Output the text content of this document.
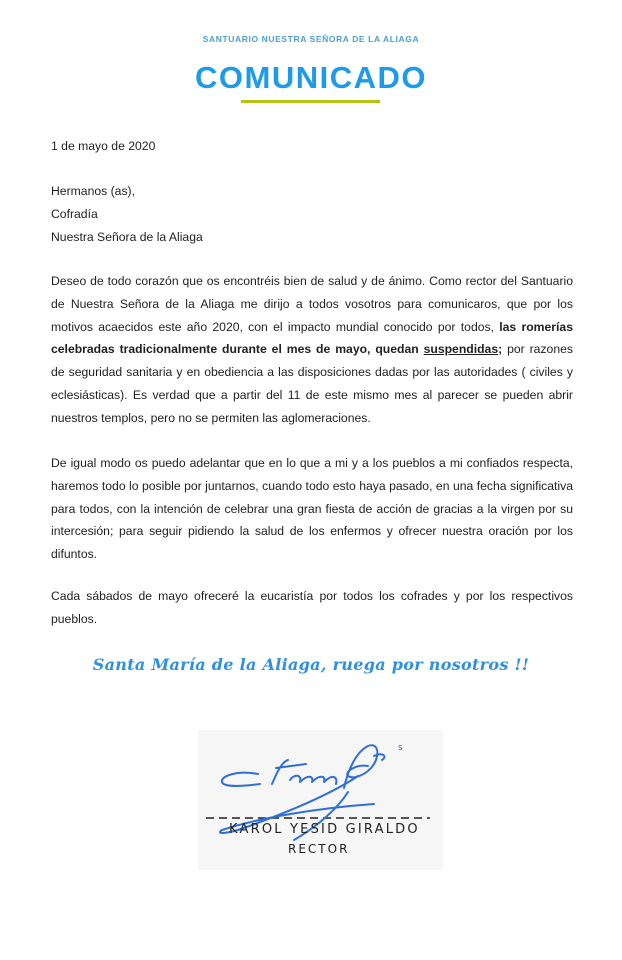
SANTUARIO NUESTRA SEÑORA DE LA ALIAGA
COMUNICADO
1 de mayo de 2020
Hermanos (as),
Cofradía
Nuestra Señora de la Aliaga
Deseo de todo corazón que os encontréis bien de salud y de ánimo. Como rector del Santuario de Nuestra Señora de la Aliaga me dirijo a todos vosotros para comunicaros, que por los motivos acaecidos este año 2020, con el impacto mundial conocido por todos, las romerías celebradas tradicionalmente durante el mes de mayo, quedan suspendidas; por razones de seguridad sanitaria y en obediencia a las disposiciones dadas por las autoridades ( civiles y eclesiásticas). Es verdad que a partir del 11 de este mismo mes al parecer se pueden abrir nuestros templos, pero no se permiten las aglomeraciones.
De igual modo os puedo adelantar que en lo que a mi y a los pueblos a mi confiados respecta, haremos todo lo posible por juntarnos, cuando todo esto haya pasado, en una fecha significativa para todos, con la intención de celebrar una gran fiesta de acción de gracias a la virgen por su intercesión; para seguir pidiendo la salud de los enfermos y ofrecer nuestra oración por los difuntos.
Cada sábados de mayo ofreceré la eucaristía por todos los cofrades y por los respectivos pueblos.
Santa María de la Aliaga, ruega por nosotros !!
s
KAROL YESID GIRALDO
RECTOR
